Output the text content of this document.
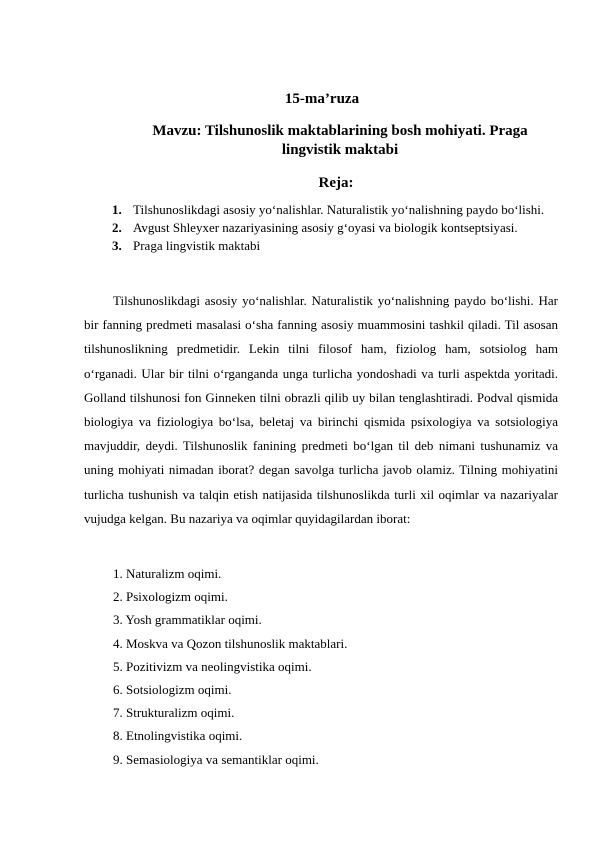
15-ma’ruza
Mavzu: Tilshunoslik maktablarining bosh mohiyati. Praga lingvistik maktabi
Reja:
1. Tilshunoslikdagi asosiy yoʻnalishlar. Naturalistik yoʻnalishning paydo boʻlishi.
2. Avgust Shleyxer nazariyasining asosiy gʻoyasi va biologik kontseptsiyasi.
3. Praga lingvistik maktabi

Tilshunoslikdagi asosiy yoʻnalishlar. Naturalistik yoʻnalishning paydo boʻlishi. Har bir fanning predmeti masalasi oʻsha fanning asosiy muammosini tashkil qiladi. Til asosan tilshunoslikning predmetidir. Lekin tilni filosof ham, fiziolog ham, sotsiolog ham oʻrganadi. Ular bir tilni oʻrganganda unga turlicha yondoshadi va turli aspektda yoritadi. Golland tilshunosi fon Ginneken tilni obrazli qilib uy bilan tenglashtiradi. Podval qismida biologiya va fiziologiya boʻlsa, beletaj va birinchi qismida psixologiya va sotsiologiya mavjuddir, deydi. Tilshunoslik fanining predmeti boʻlgan til deb nimani tushunamiz va uning mohiyati nimadan iborat? degan savolga turlicha javob olamiz. Tilning mohiyatini turlicha tushunish va talqin etish natijasida tilshunoslikda turli xil oqimlar va nazariyalar vujudga kelgan. Bu nazariya va oqimlar quyidagilardan iborat:

1. Naturalizm oqimi.
2. Psixologizm oqimi.
3. Yosh grammatiklar oqimi.
4. Moskva va Qozon tilshunoslik maktablari.
5. Pozitivizm va neolingvistika oqimi.
6. Sotsiologizm oqimi.
7. Strukturalizm oqimi.
8. Etnolingvistika oqimi.
9. Semasiologiya va semantiklar oqimi.
